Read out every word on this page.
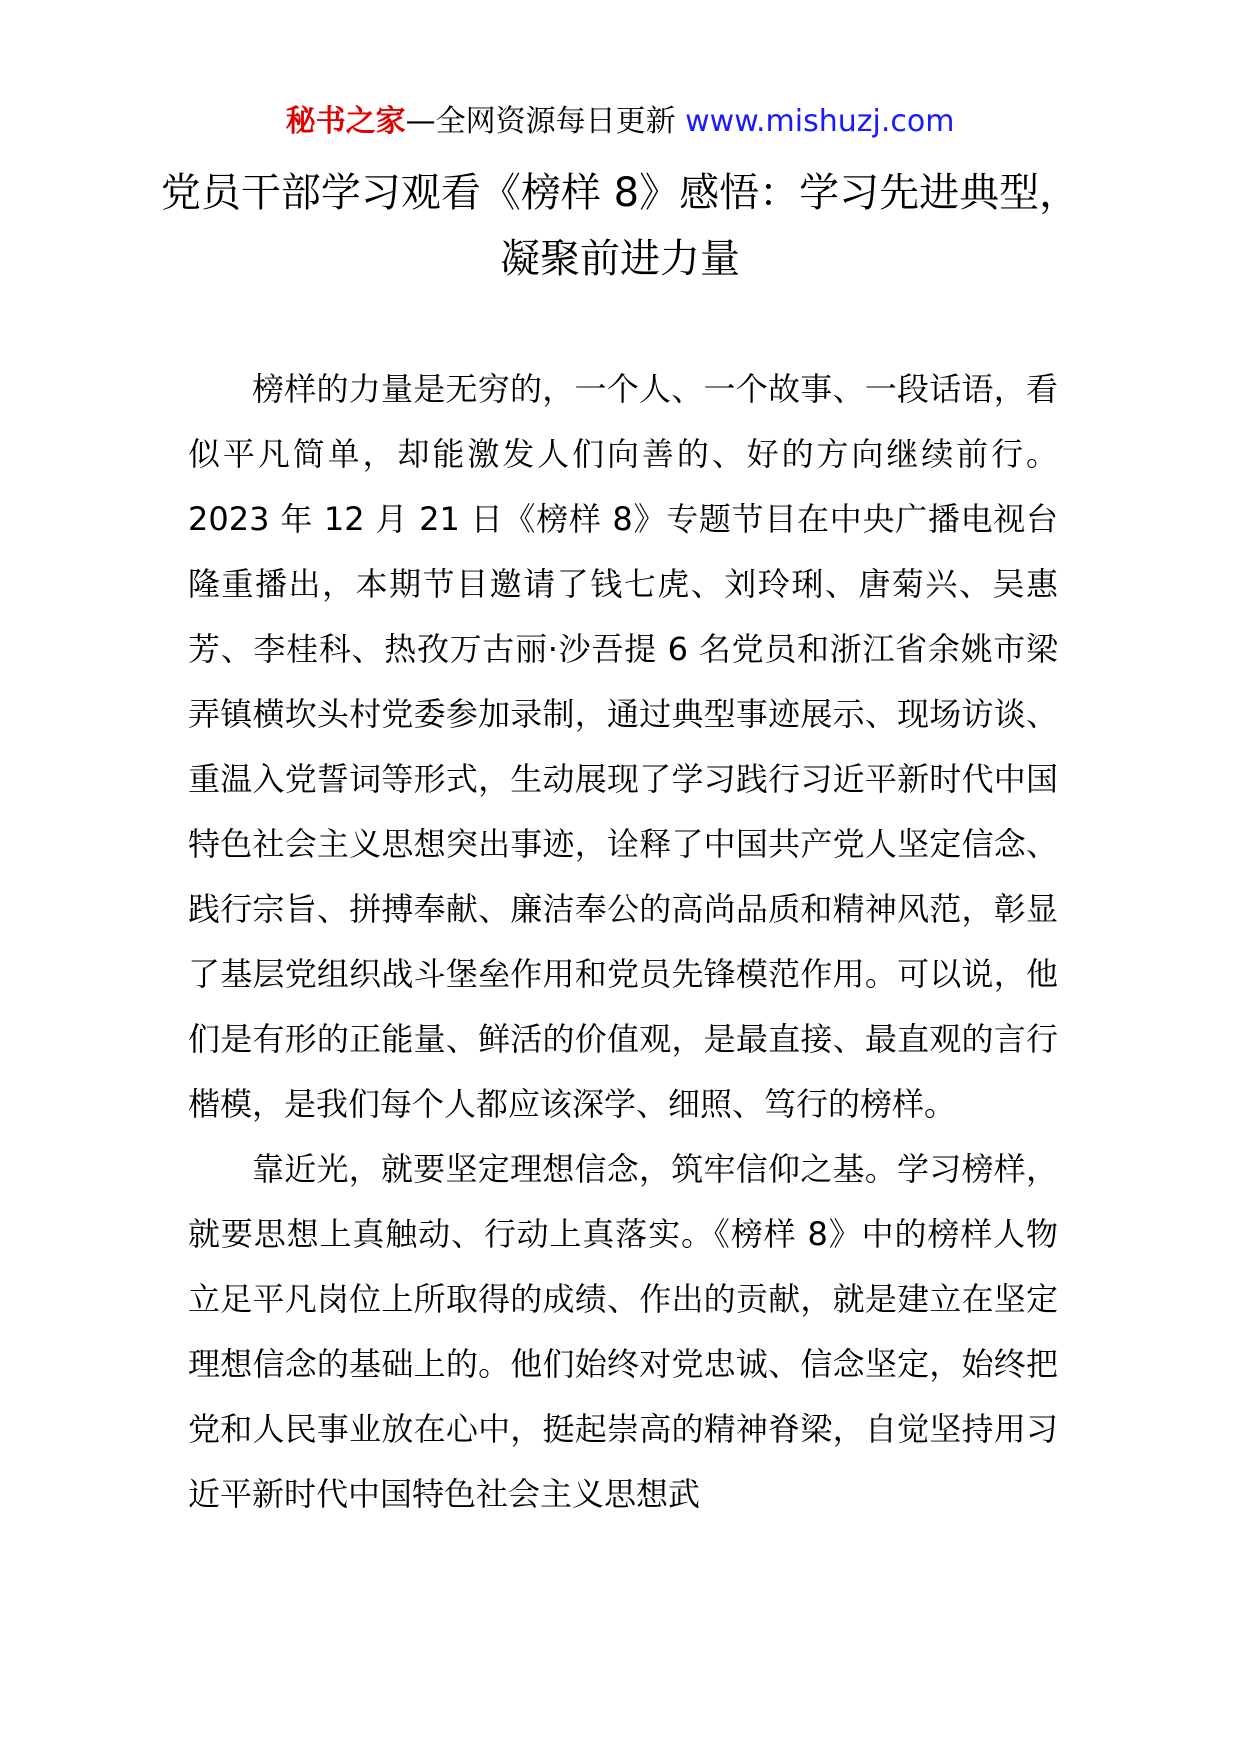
秘书之家—全网资源每日更新 www.mishuzj.com
党员干部学习观看《榜样 8》感悟：学习先进典型，凝聚前进力量

榜样的力量是无穷的，一个人、一个故事、一段话语，看似平凡简单，却能激发人们向善的、好的方向继续前行。2023 年 12 月 21 日《榜样 8》专题节目在中央广播电视台隆重播出，本期节目邀请了钱七虎、刘玲琍、唐菊兴、吴惠芳、李桂科、热孜万古丽·沙吾提 6 名党员和浙江省余姚市梁弄镇横坎头村党委参加录制，通过典型事迹展示、现场访谈、重温入党誓词等形式，生动展现了学习践行习近平新时代中国特色社会主义思想突出事迹，诠释了中国共产党人坚定信念、践行宗旨、拼搏奉献、廉洁奉公的高尚品质和精神风范，彰显了基层党组织战斗堡垒作用和党员先锋模范作用。可以说，他们是有形的正能量、鲜活的价值观，是最直接、最直观的言行楷模，是我们每个人都应该深学、细照、笃行的榜样。

靠近光，就要坚定理想信念，筑牢信仰之基。学习榜样，就要思想上真触动、行动上真落实。《榜样 8》中的榜样人物立足平凡岗位上所取得的成绩、作出的贡献，就是建立在坚定理想信念的基础上的。他们始终对党忠诚、信念坚定，始终把党和人民事业放在心中，挺起崇高的精神脊梁，自觉坚持用习近平新时代中国特色社会主义思想武
